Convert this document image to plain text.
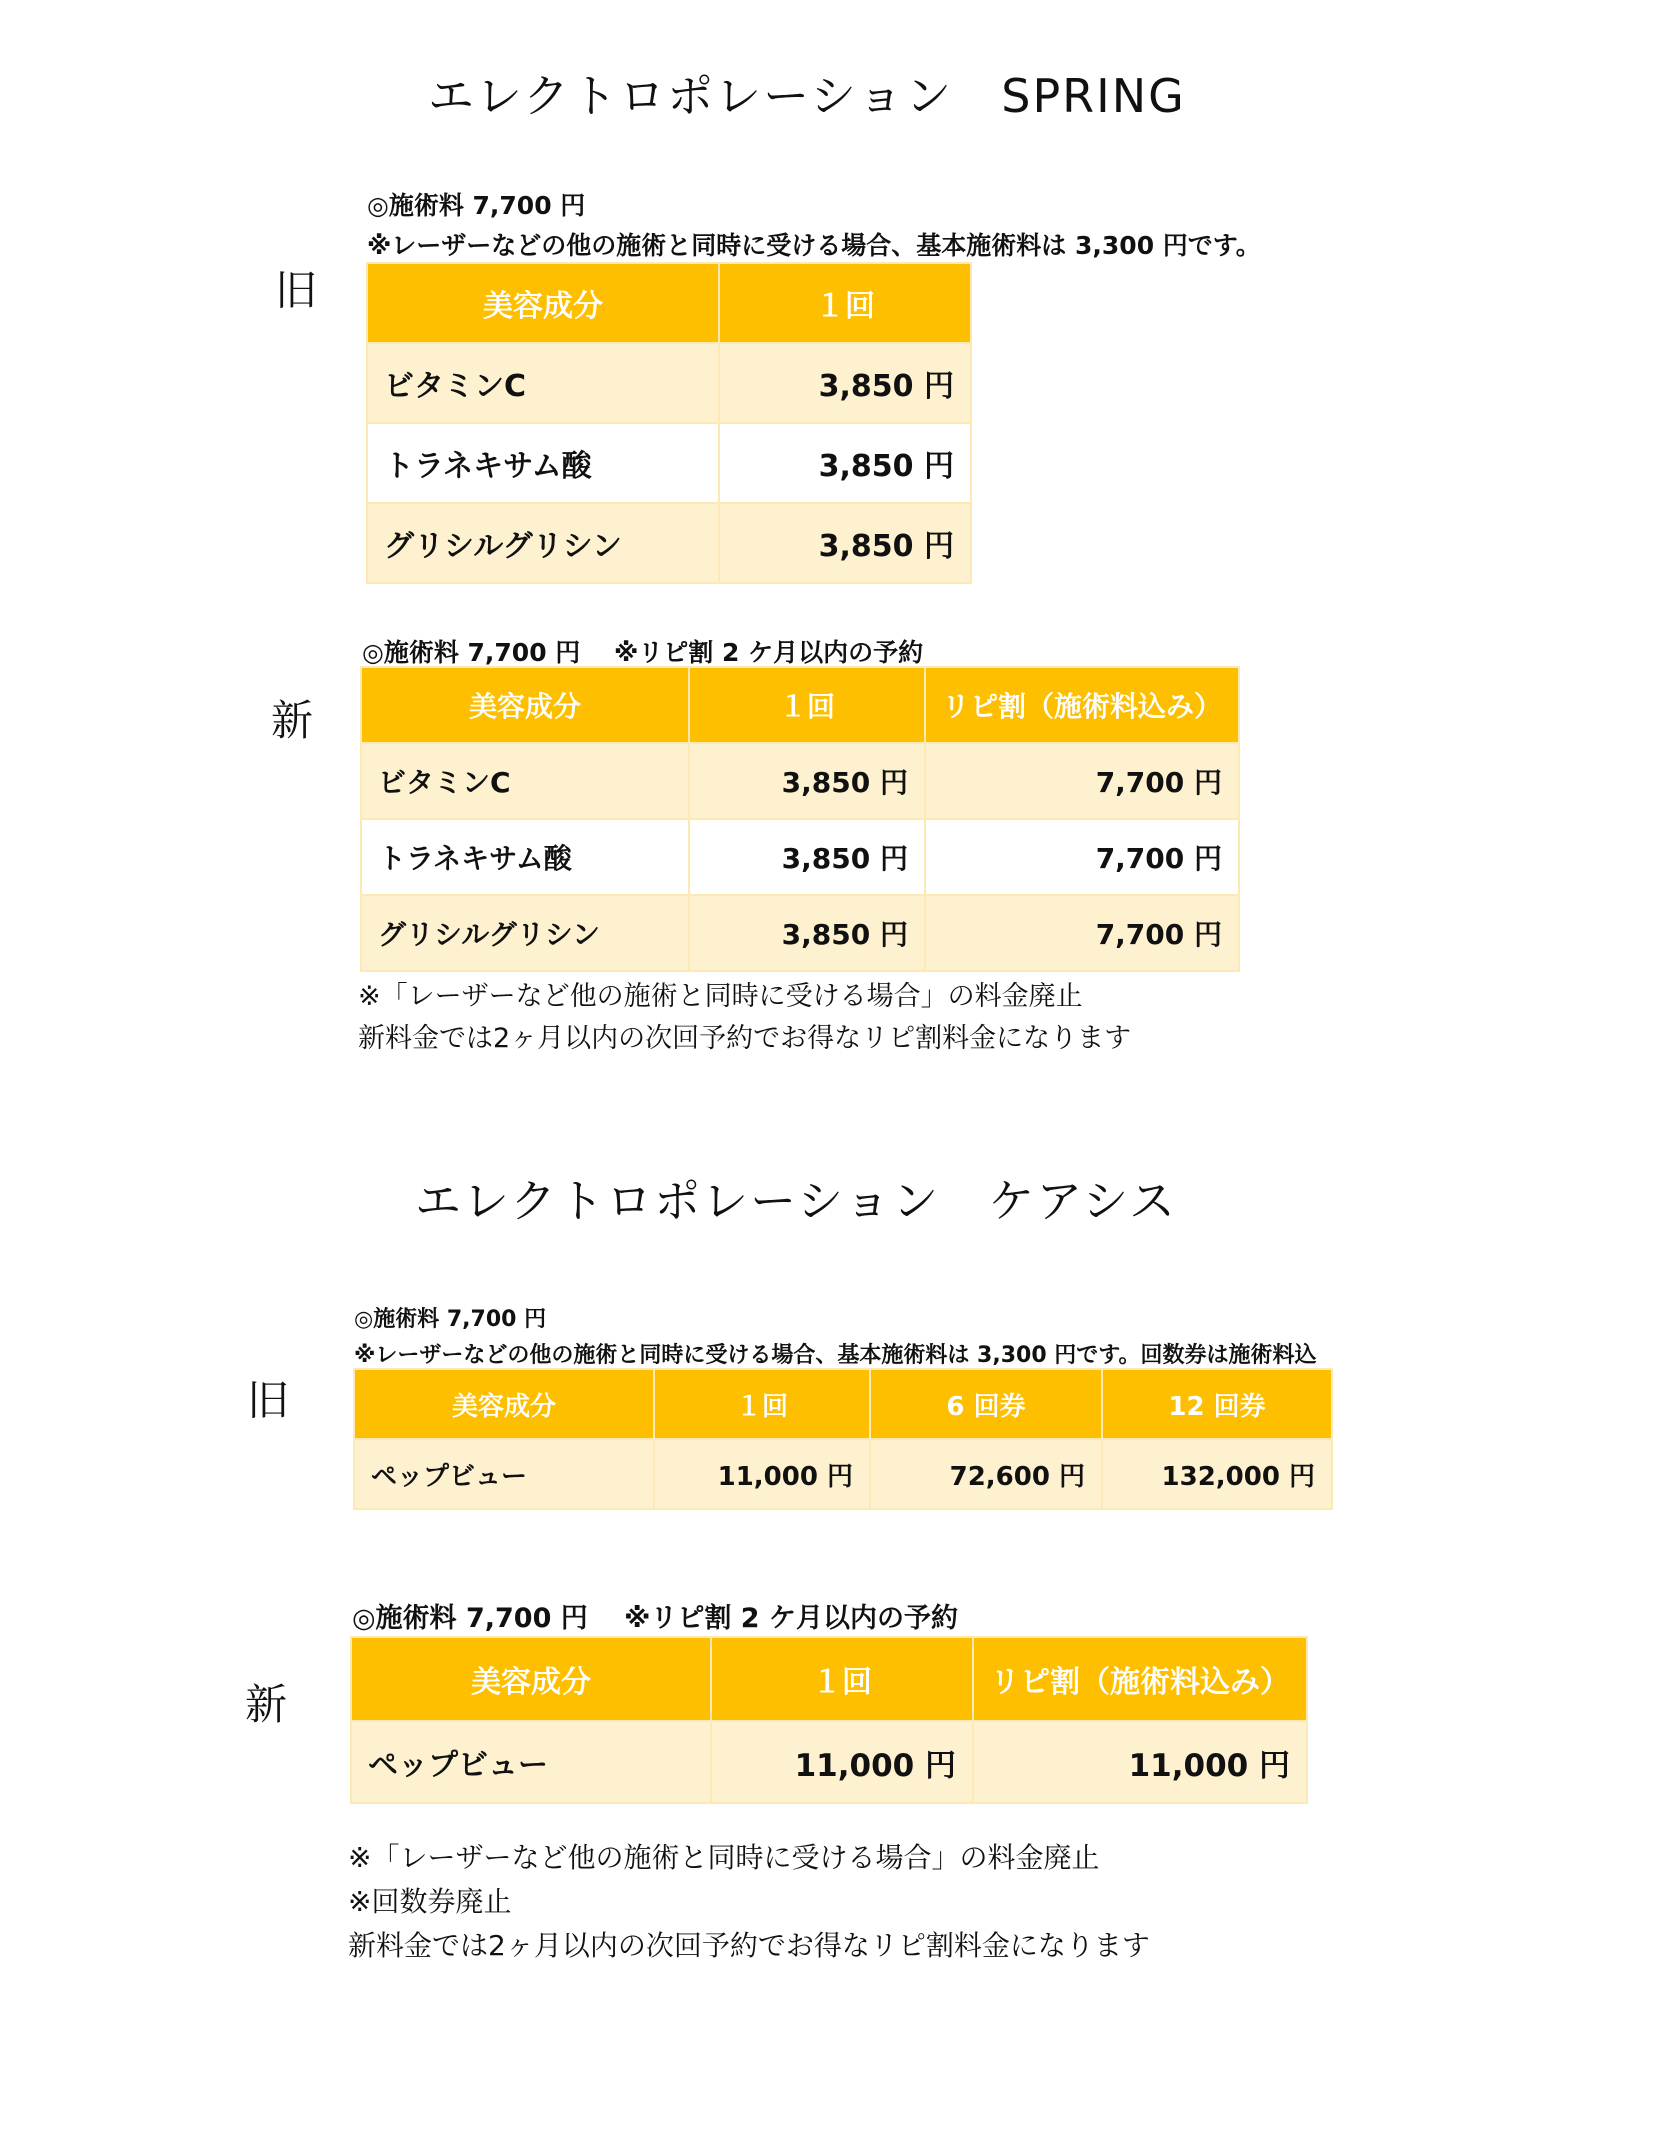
エレクトロポレーション　SPRING
旧
◎施術料 7,700 円
※レーザーなどの他の施術と同時に受ける場合、基本施術料は 3,300 円です。
美容成分	１回
ビタミンC	3,850 円
トラネキサム酸	3,850 円
グリシルグリシン	3,850 円
新
◎施術料 7,700 円　 ※リピ割 2 ケ月以内の予約
美容成分	１回	リピ割（施術料込み）
ビタミンC	3,850 円	7,700 円
トラネキサム酸	3,850 円	7,700 円
グリシルグリシン	3,850 円	7,700 円
※「レーザーなど他の施術と同時に受ける場合」の料金廃止
新料金では2ヶ月以内の次回予約でお得なリピ割料金になります
エレクトロポレーション　ケアシス
旧
◎施術料 7,700 円
※レーザーなどの他の施術と同時に受ける場合、基本施術料は 3,300 円です。回数券は施術料込
美容成分	１回	6 回券	12 回券
ペップビュー	11,000 円	72,600 円	132,000 円
新
◎施術料 7,700 円　 ※リピ割 2 ケ月以内の予約
美容成分	１回	リピ割（施術料込み）
ペップビュー	11,000 円	11,000 円
※「レーザーなど他の施術と同時に受ける場合」の料金廃止
※回数券廃止
新料金では2ヶ月以内の次回予約でお得なリピ割料金になります
